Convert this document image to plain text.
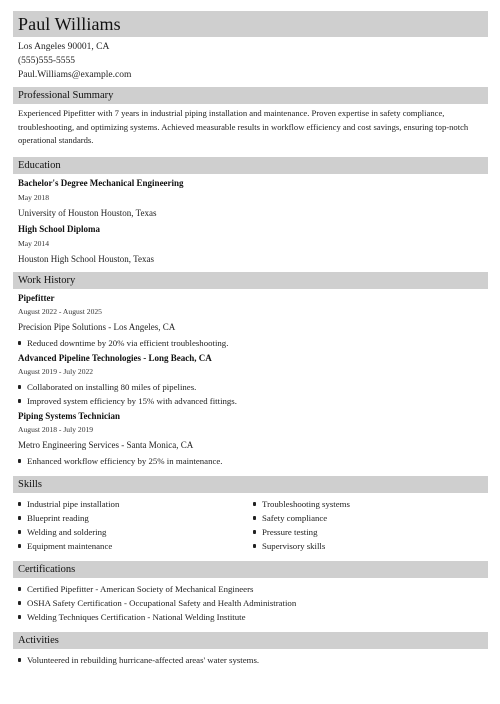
Paul Williams
Los Angeles 90001, CA
(555)555-5555
Paul.Williams@example.com
Professional Summary
Experienced Pipefitter with 7 years in industrial piping installation and maintenance. Proven expertise in safety compliance, troubleshooting, and optimizing systems. Achieved measurable results in workflow efficiency and cost savings, ensuring top-notch operational standards.
Education
Bachelor's Degree Mechanical Engineering
May 2018
University of Houston Houston, Texas
High School Diploma
May 2014
Houston High School Houston, Texas
Work History
Pipefitter
August 2022 - August 2025
Precision Pipe Solutions - Los Angeles, CA
Reduced downtime by 20% via efficient troubleshooting.
Advanced Pipeline Technologies - Long Beach, CA
August 2019 - July 2022
Collaborated on installing 80 miles of pipelines.
Improved system efficiency by 15% with advanced fittings.
Piping Systems Technician
August 2018 - July 2019
Metro Engineering Services - Santa Monica, CA
Enhanced workflow efficiency by 25% in maintenance.
Skills
Industrial pipe installation
Blueprint reading
Welding and soldering
Equipment maintenance
Troubleshooting systems
Safety compliance
Pressure testing
Supervisory skills
Certifications
Certified Pipefitter - American Society of Mechanical Engineers
OSHA Safety Certification - Occupational Safety and Health Administration
Welding Techniques Certification - National Welding Institute
Activities
Volunteered in rebuilding hurricane-affected areas' water systems.
